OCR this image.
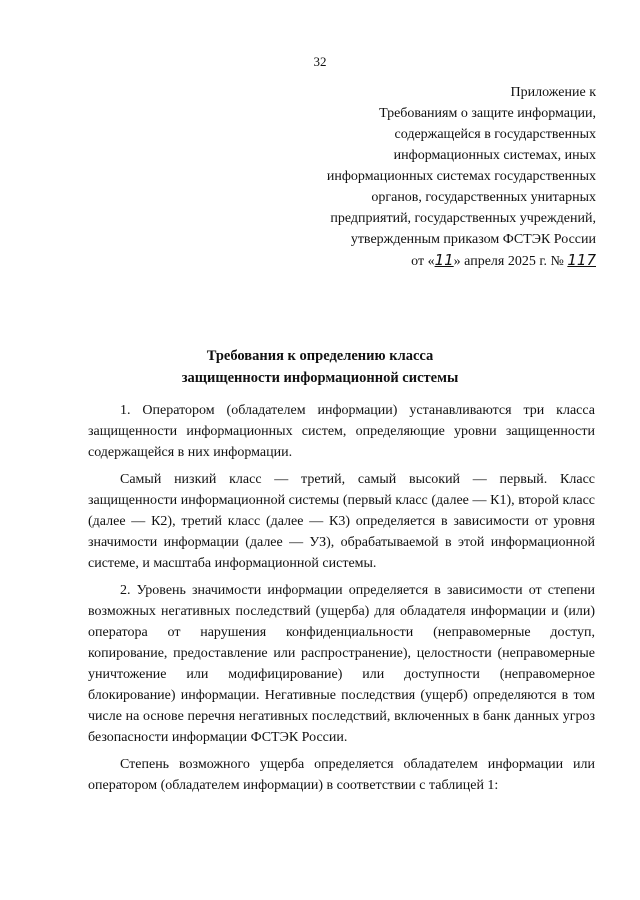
32
Приложение к
Требованиям о защите информации,
содержащейся в государственных
информационных системах, иных
информационных системах государственных
органов, государственных унитарных
предприятий, государственных учреждений,
утвержденным приказом ФСТЭК России
от «11» апреля 2025 г. № 117
Требования к определению класса
защищенности информационной системы

1. Оператором (обладателем информации) устанавливаются три класса защищенности информационных систем, определяющие уровни защищенности содержащейся в них информации.

Самый низкий класс — третий, самый высокий — первый. Класс защищенности информационной системы (первый класс (далее — К1), второй класс (далее — К2), третий класс (далее — К3) определяется в зависимости от уровня значимости информации (далее — УЗ), обрабатываемой в этой информационной системе, и масштаба информационной системы.

2. Уровень значимости информации определяется в зависимости от степени возможных негативных последствий (ущерба) для обладателя информации и (или) оператора от нарушения конфиденциальности (неправомерные доступ, копирование, предоставление или распространение), целостности (неправомерные уничтожение или модифицирование) или доступности (неправомерное блокирование) информации. Негативные последствия (ущерб) определяются в том числе на основе перечня негативных последствий, включенных в банк данных угроз безопасности информации ФСТЭК России.

Степень возможного ущерба определяется обладателем информации или оператором (обладателем информации) в соответствии с таблицей 1:
